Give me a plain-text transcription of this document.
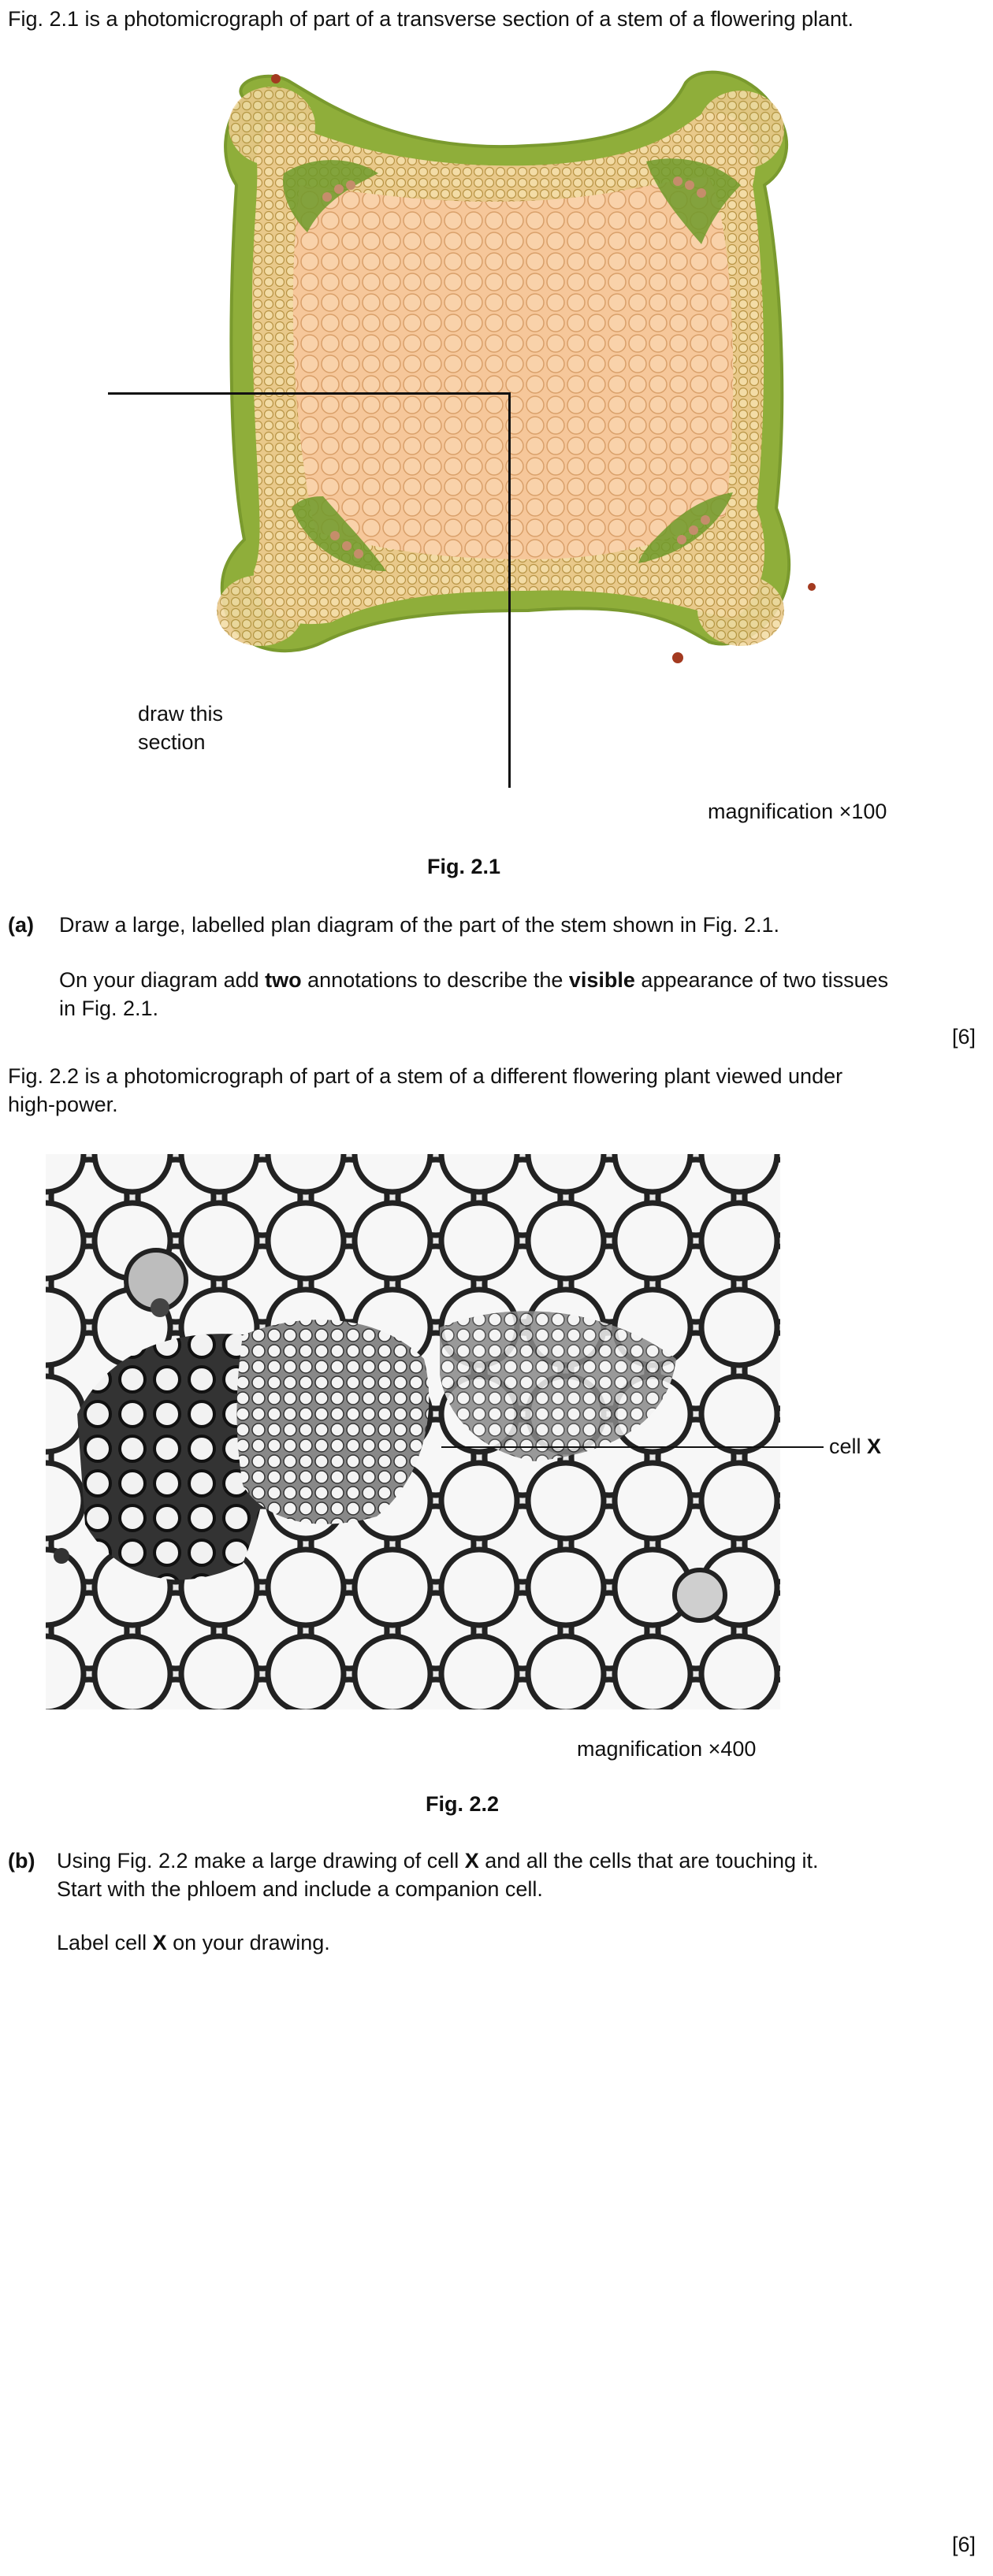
Fig. 2.1 is a photomicrograph of part of a transverse section of a stem of a flowering plant.
draw this
section
magnification ×100
Fig. 2.1
(a) Draw a large, labelled plan diagram of the part of the stem shown in Fig. 2.1.
On your diagram add two annotations to describe the visible appearance of two tissues
in Fig. 2.1.
[6]
Fig. 2.2 is a photomicrograph of part of a stem of a different flowering plant viewed under
high-power.
cell X
magnification ×400
Fig. 2.2
(b) Using Fig. 2.2 make a large drawing of cell X and all the cells that are touching it.
Start with the phloem and include a companion cell.
Label cell X on your drawing.
[6]
